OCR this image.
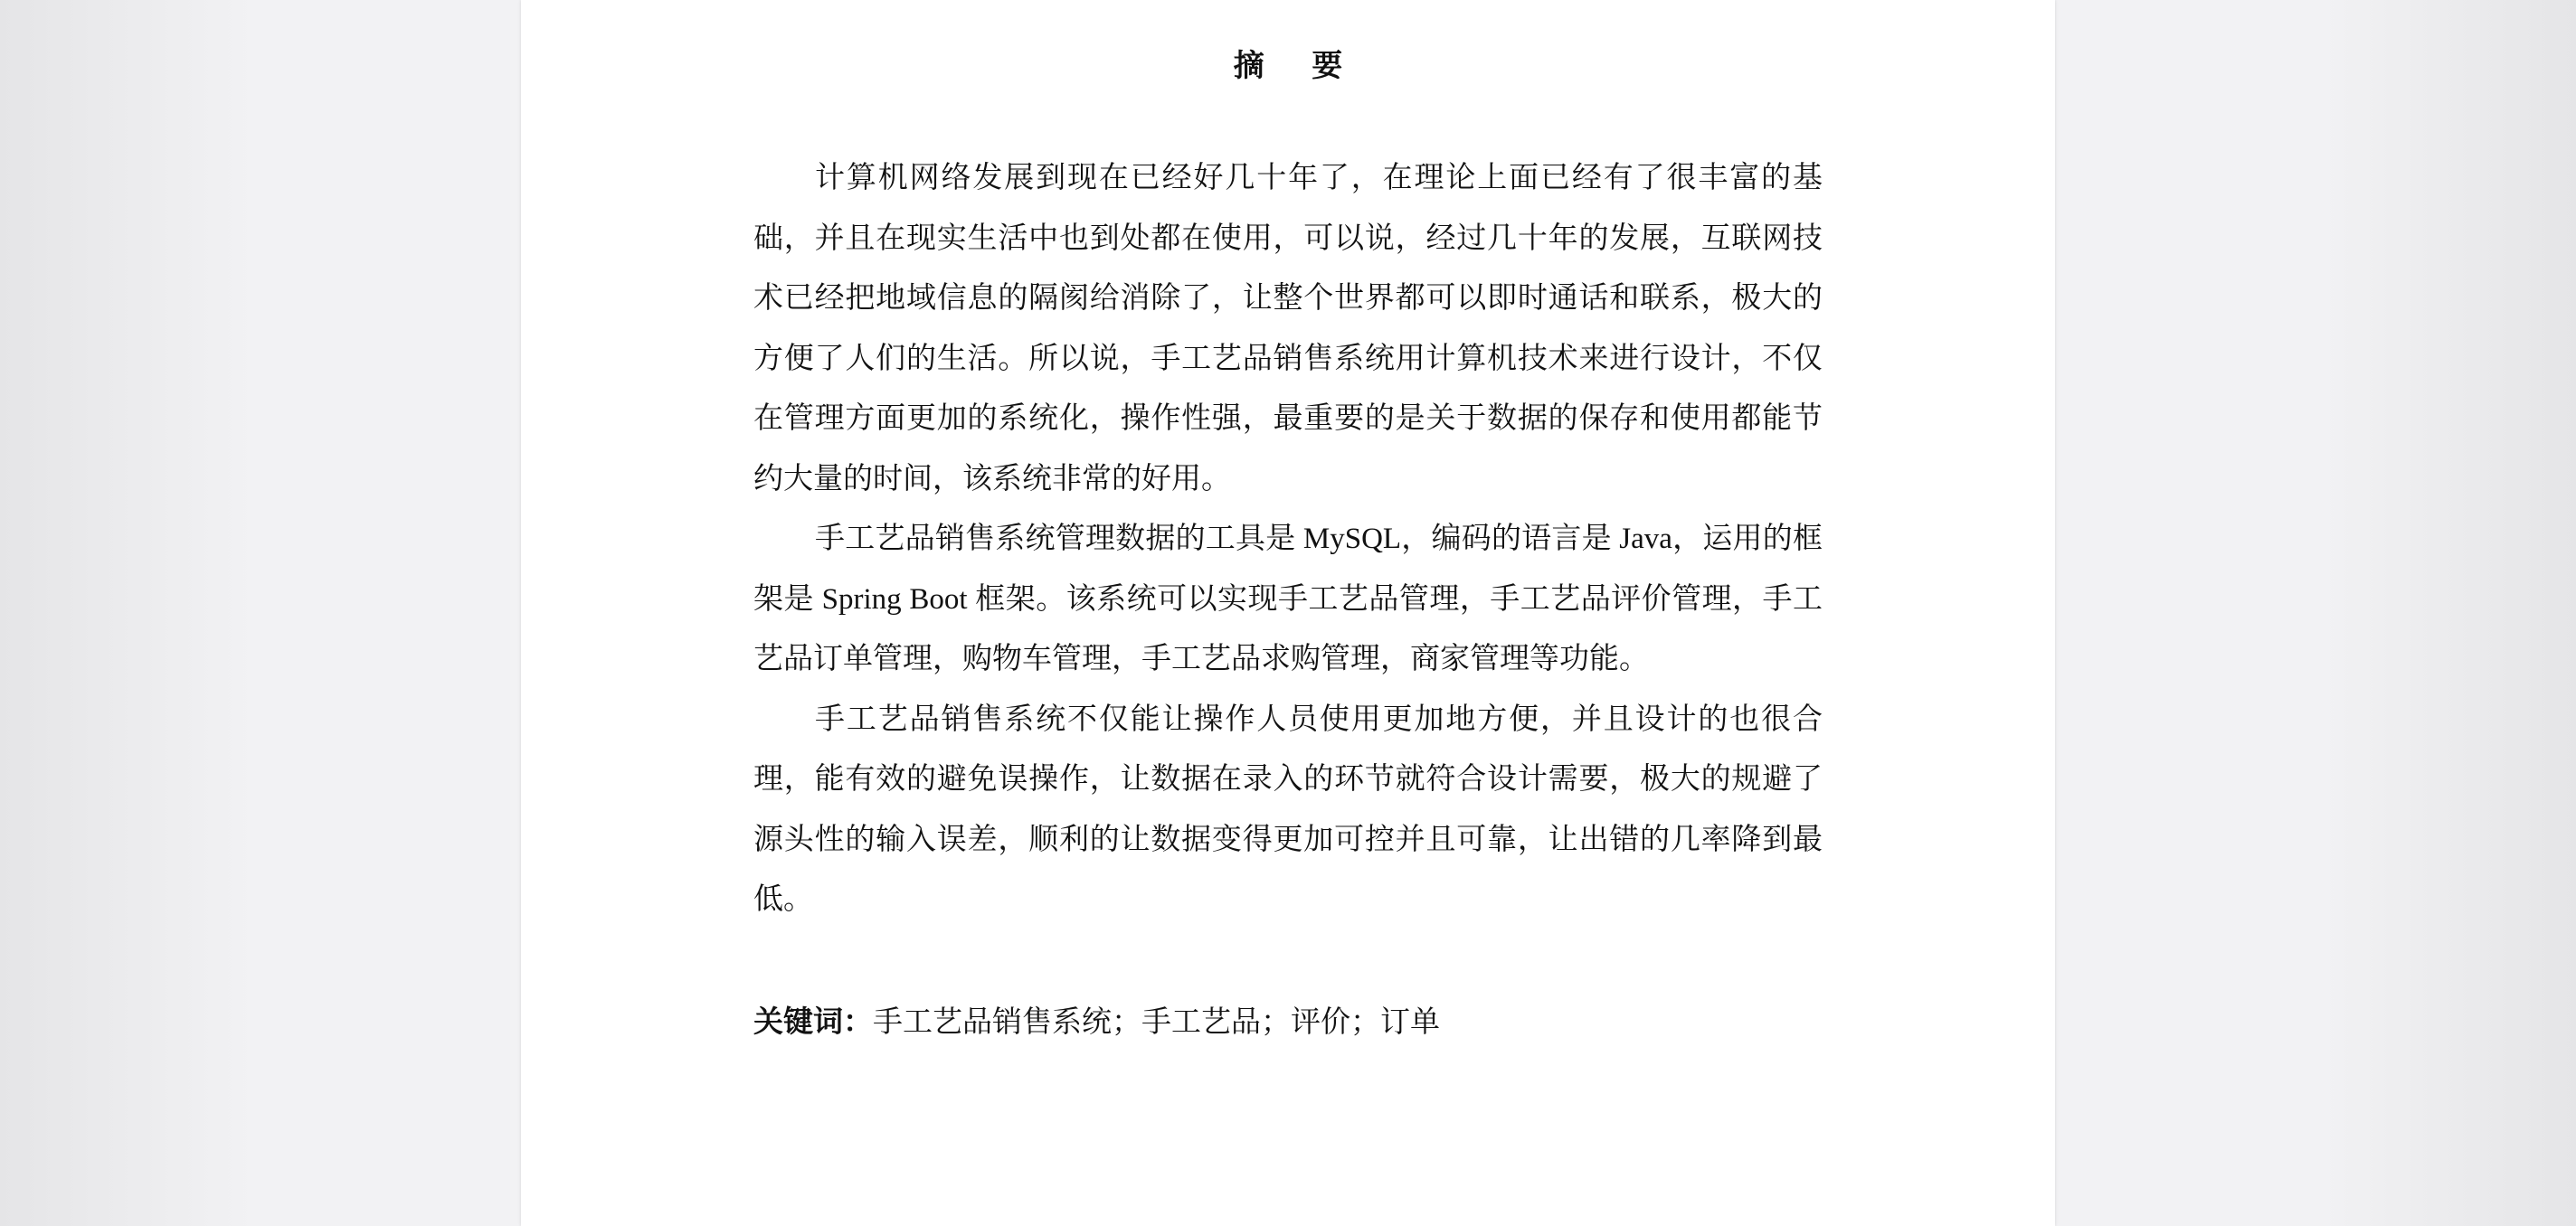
摘 要

计算机网络发展到现在已经好几十年了，在理论上面已经有了很丰富的基础，并且在现实生活中也到处都在使用，可以说，经过几十年的发展，互联网技术已经把地域信息的隔阂给消除了，让整个世界都可以即时通话和联系，极大的方便了人们的生活。所以说，手工艺品销售系统用计算机技术来进行设计，不仅在管理方面更加的系统化，操作性强，最重要的是关于数据的保存和使用都能节约大量的时间，该系统非常的好用。

手工艺品销售系统管理数据的工具是 MySQL，编码的语言是 Java，运用的框架是 Spring Boot 框架。该系统可以实现手工艺品管理，手工艺品评价管理，手工艺品订单管理，购物车管理，手工艺品求购管理，商家管理等功能。

手工艺品销售系统不仅能让操作人员使用更加地方便，并且设计的也很合理，能有效的避免误操作，让数据在录入的环节就符合设计需要，极大的规避了源头性的输入误差，顺利的让数据变得更加可控并且可靠，让出错的几率降到最低。

关键词：手工艺品销售系统；手工艺品；评价；订单
